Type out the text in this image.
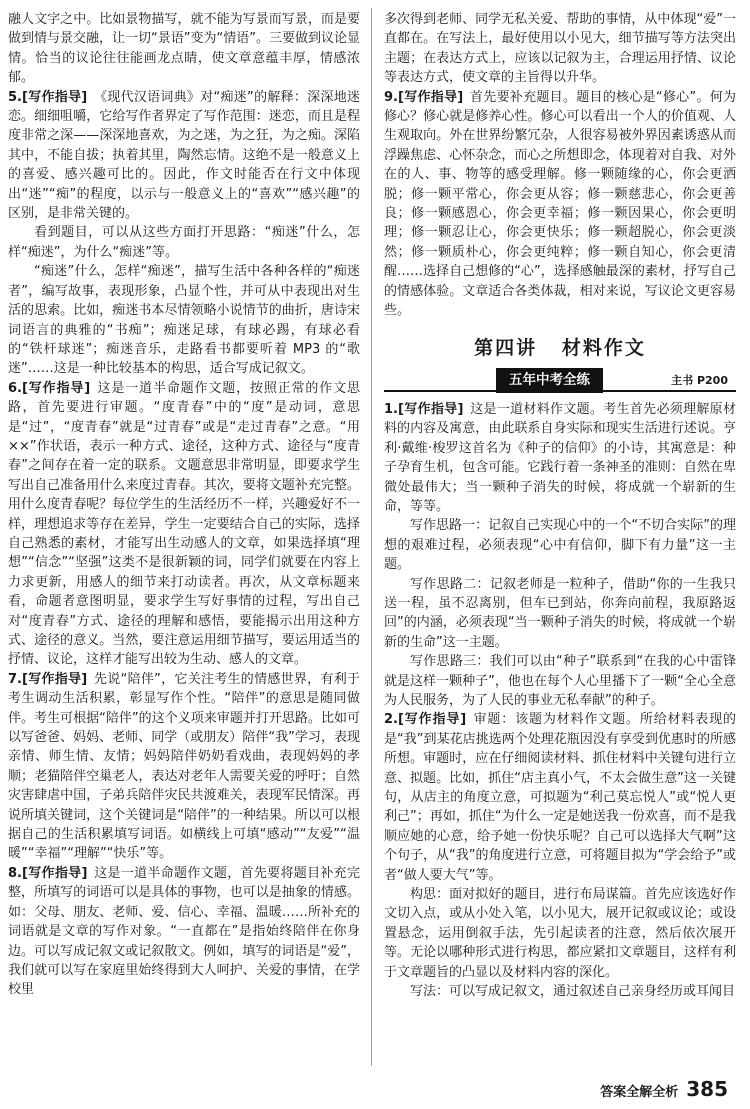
融人文字之中。比如景物描写，就不能为写景而写景，而是要做到情与景交融，让一切“景语”变为“情语”。三要做到议论显情。恰当的议论往往能画龙点睛，使文章意蕴丰厚，情感浓郁。

5.[写作指导]  《现代汉语词典》对“痴迷”的解释：深深地迷恋。细细咀嚼，它给写作者界定了写作范围：迷恋，而且是程度非常之深——深深地喜欢，为之迷，为之狂，为之痴。深陷其中，不能自拔；执着其里，陶然忘情。这绝不是一般意义上的喜爱、感兴趣可比的。因此，作文时能否在行文中体现出“迷”“痴”的程度，以示与一般意义上的“喜欢”“感兴趣”的区别，是非常关键的。

看到题目，可以从这些方面打开思路：“痴迷”什么，怎样“痴迷”，为什么“痴迷”等。

“痴迷”什么，怎样“痴迷”，描写生活中各种各样的“痴迷者”，编写故事，表现形象，凸显个性，并可从中表现出对生活的思索。比如，痴迷书本尽情领略小说情节的曲折，唐诗宋词语言的典雅的“书痴”；痴迷足球，有球必踢，有球必看的“铁杆球迷”；痴迷音乐，走路看书都要听着 MP3 的“歌迷”……这是一种比较基本的构思，适合写成记叙文。

6.[写作指导]  这是一道半命题作文题，按照正常的作文思路，首先要进行审题。“度青春”中的“度”是动词，意思是“过”，“度青春”就是“过青春”或是“走过青春”之意。“用××”作状语，表示一种方式、途径，这种方式、途径与“度青春”之间存在着一定的联系。文题意思非常明显，即要求学生写出自己准备用什么来度过青春。其次，要将文题补充完整。用什么度青春呢？每位学生的生活经历不一样，兴趣爱好不一样，理想追求等存在差异，学生一定要结合自己的实际，选择自己熟悉的素材，才能写出生动感人的文章，如果选择填“理想”“信念”“坚强”这类不是很新颖的词，同学们就要在内容上力求更新，用感人的细节来打动读者。再次，从文章标题来看，命题者意图明显，要求学生写好事情的过程，写出自己对“度青春”方式、途径的理解和感悟，要能揭示出用这种方式、途径的意义。当然，要注意运用细节描写，要运用适当的抒情、议论，这样才能写出较为生动、感人的文章。

7.[写作指导]  先说“陪伴”，它关注考生的情感世界，有利于考生调动生活积累，彰显写作个性。“陪伴”的意思是随同做伴。考生可根据“陪伴”的这个义项来审题并打开思路。比如可以写爸爸、妈妈、老师、同学（或朋友）陪伴“我”学习，表现亲情、师生情、友情；妈妈陪伴奶奶看戏曲，表现妈妈的孝顺；老猫陪伴空巢老人，表达对老年人需要关爱的呼吁；自然灾害肆虐中国，子弟兵陪伴灾民共渡难关，表现军民情深。再说所填关键词，这个关键词是“陪伴”的一种结果。所以可以根据自己的生活积累填写词语。如横线上可填“感动”“友爱”“温暖”“幸福”“理解”“快乐”等。

8.[写作指导]  这是一道半命题作文题，首先要将题目补充完整，所填写的词语可以是具体的事物，也可以是抽象的情感。如：父母、朋友、老师、爱、信心、幸福、温暖……所补充的词语就是文章的写作对象。“一直都在”是指始终陪伴在你身边。可以写成记叙文或记叙散文。例如，填写的词语是“爱”，我们就可以写在家庭里始终得到大人呵护、关爱的事情，在学校里

多次得到老师、同学无私关爱、帮助的事情，从中体现“爱”一直都在。在写法上，最好使用以小见大，细节描写等方法突出主题；在表达方式上，应该以记叙为主，合理运用抒情、议论等表达方式，使文章的主旨得以升华。

9.[写作指导]  首先要补充题目。题目的核心是“修心”。何为修心？修心就是修养心性。修心可以看出一个人的价值观、人生观取向。外在世界纷繁冗杂，人很容易被外界因素诱惑从而浮躁焦虑、心怀杂念，而心之所想即念，体现着对自我、对外在的人、事、物等的感受理解。修一颗随缘的心，你会更洒脱；修一颗平常心，你会更从容；修一颗慈悲心，你会更善良；修一颗感恩心，你会更幸福；修一颗因果心，你会更明理；修一颗忍让心，你会更快乐；修一颗超脱心，你会更淡然；修一颗质朴心，你会更纯粹；修一颗自知心，你会更清醒……选择自己想修的“心”，选择感触最深的素材，抒写自己的情感体验。文章适合各类体裁，相对来说，写议论文更容易些。

第四讲 材料作文
五年中考全练	主书 P200

1.[写作指导]  这是一道材料作文题。考生首先必须理解原材料的内容及寓意，由此联系自身实际和现实生活进行述说。亨利·戴维·梭罗这首名为《种子的信仰》的小诗，其寓意是：种子孕育生机，包含可能。它践行着一条神圣的准则：自然在卑微处最伟大；当一颗种子消失的时候，将成就一个崭新的生命，等等。

写作思路一：记叙自己实现心中的一个“不切合实际”的理想的艰难过程，必须表现“心中有信仰，脚下有力量”这一主题。

写作思路二：记叙老师是一粒种子，借助“你的一生我只送一程，虽不忍离别，但车已到站，你奔向前程，我原路返回”的内涵，必须表现“当一颗种子消失的时候，将成就一个崭新的生命”这一主题。

写作思路三：我们可以由“种子”联系到“在我的心中雷锋就是这样一颗种子”，他也在每个人心里播下了一颗“全心全意为人民服务，为了人民的事业无私奉献”的种子。

2.[写作指导]  审题：该题为材料作文题。所给材料表现的是“我”到某花店挑选两个处理花瓶因没有享受到优惠时的所感所想。审题时，应在仔细阅读材料、抓住材料中关键句进行立意、拟题。比如，抓住“店主真小气，不太会做生意”这一关键句，从店主的角度立意，可拟题为“利己莫忘悦人”或“悦人更利己”；再如，抓住“为什么一定是她送我一份欢喜，而不是我顺应她的心意，给予她一份快乐呢？自己可以选择大气啊”这个句子，从“我”的角度进行立意，可将题目拟为“学会给予”或者“做人要大气”等。

构思：面对拟好的题目，进行布局谋篇。首先应该选好作文切入点，或从小处入笔，以小见大，展开记叙或议论；或设置悬念，运用倒叙手法，先引起读者的注意，然后依次展开等。无论以哪种形式进行构思，都应紧扣文章题目，这样有利于文章题旨的凸显以及材料内容的深化。

写法：可以写成记叙文，通过叙述自己亲身经历或耳闻目

答案全解全析 385
